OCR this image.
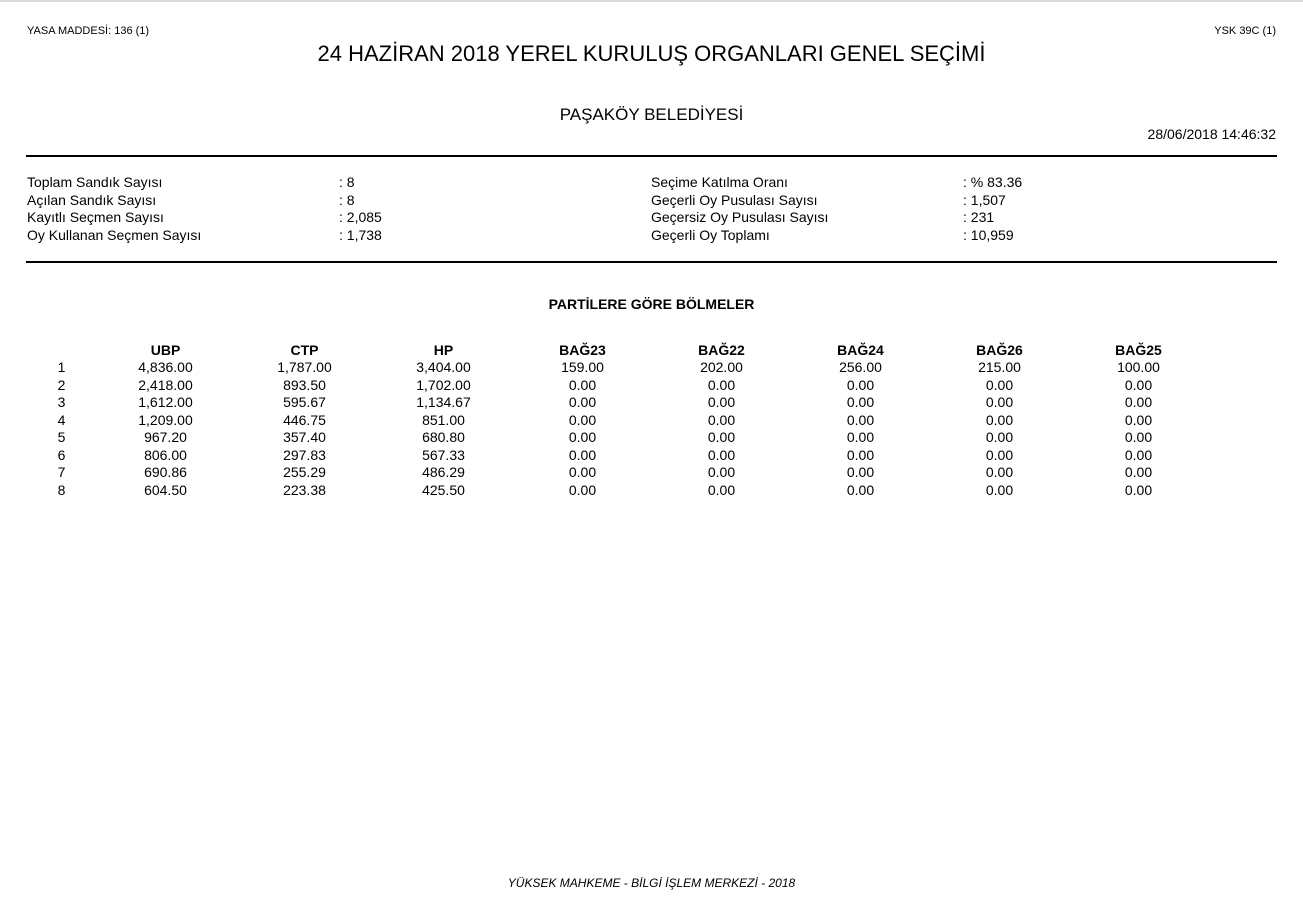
YASA MADDESİ: 136 (1)	YSK 39C (1)
24 HAZİRAN 2018 YEREL KURULUŞ ORGANLARI GENEL SEÇİMİ
PAŞAKÖY BELEDİYESİ
28/06/2018 14:46:32
Toplam Sandık Sayısı	: 8
Açılan Sandık Sayısı	: 8
Kayıtlı Seçmen Sayısı	: 2,085
Oy Kullanan Seçmen Sayısı	: 1,738
Seçime Katılma Oranı	: % 83.36
Geçerli Oy Pusulası Sayısı	: 1,507
Geçersiz Oy Pusulası Sayısı	: 231
Geçerli Oy Toplamı	: 10,959
PARTİLERE GÖRE BÖLMELER
	UBP	CTP	HP	BAĞ23	BAĞ22	BAĞ24	BAĞ26	BAĞ25
1	4,836.00	1,787.00	3,404.00	159.00	202.00	256.00	215.00	100.00
2	2,418.00	893.50	1,702.00	0.00	0.00	0.00	0.00	0.00
3	1,612.00	595.67	1,134.67	0.00	0.00	0.00	0.00	0.00
4	1,209.00	446.75	851.00	0.00	0.00	0.00	0.00	0.00
5	967.20	357.40	680.80	0.00	0.00	0.00	0.00	0.00
6	806.00	297.83	567.33	0.00	0.00	0.00	0.00	0.00
7	690.86	255.29	486.29	0.00	0.00	0.00	0.00	0.00
8	604.50	223.38	425.50	0.00	0.00	0.00	0.00	0.00
YÜKSEK MAHKEME - BİLGİ İŞLEM MERKEZİ - 2018
